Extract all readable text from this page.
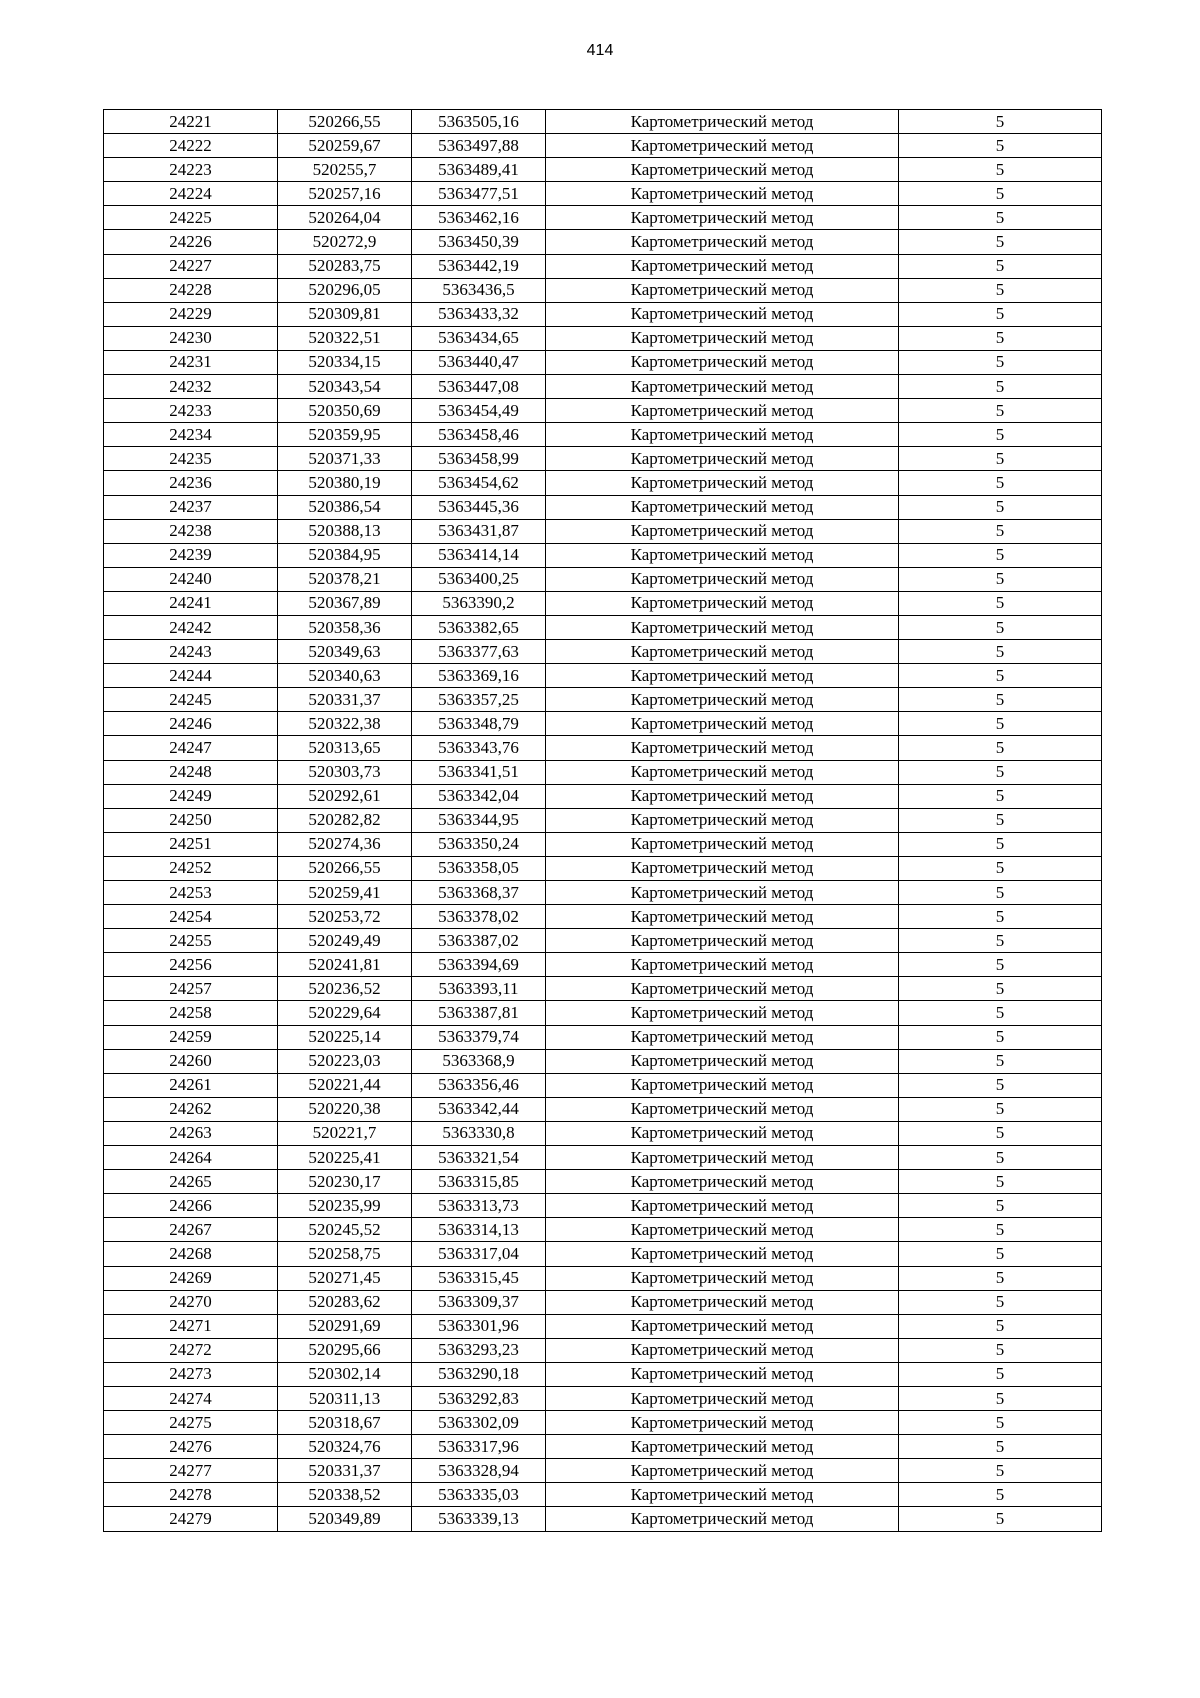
414
24221	520266,55	5363505,16	Картометрический метод	5
24222	520259,67	5363497,88	Картометрический метод	5
24223	520255,7	5363489,41	Картометрический метод	5
24224	520257,16	5363477,51	Картометрический метод	5
24225	520264,04	5363462,16	Картометрический метод	5
24226	520272,9	5363450,39	Картометрический метод	5
24227	520283,75	5363442,19	Картометрический метод	5
24228	520296,05	5363436,5	Картометрический метод	5
24229	520309,81	5363433,32	Картометрический метод	5
24230	520322,51	5363434,65	Картометрический метод	5
24231	520334,15	5363440,47	Картометрический метод	5
24232	520343,54	5363447,08	Картометрический метод	5
24233	520350,69	5363454,49	Картометрический метод	5
24234	520359,95	5363458,46	Картометрический метод	5
24235	520371,33	5363458,99	Картометрический метод	5
24236	520380,19	5363454,62	Картометрический метод	5
24237	520386,54	5363445,36	Картометрический метод	5
24238	520388,13	5363431,87	Картометрический метод	5
24239	520384,95	5363414,14	Картометрический метод	5
24240	520378,21	5363400,25	Картометрический метод	5
24241	520367,89	5363390,2	Картометрический метод	5
24242	520358,36	5363382,65	Картометрический метод	5
24243	520349,63	5363377,63	Картометрический метод	5
24244	520340,63	5363369,16	Картометрический метод	5
24245	520331,37	5363357,25	Картометрический метод	5
24246	520322,38	5363348,79	Картометрический метод	5
24247	520313,65	5363343,76	Картометрический метод	5
24248	520303,73	5363341,51	Картометрический метод	5
24249	520292,61	5363342,04	Картометрический метод	5
24250	520282,82	5363344,95	Картометрический метод	5
24251	520274,36	5363350,24	Картометрический метод	5
24252	520266,55	5363358,05	Картометрический метод	5
24253	520259,41	5363368,37	Картометрический метод	5
24254	520253,72	5363378,02	Картометрический метод	5
24255	520249,49	5363387,02	Картометрический метод	5
24256	520241,81	5363394,69	Картометрический метод	5
24257	520236,52	5363393,11	Картометрический метод	5
24258	520229,64	5363387,81	Картометрический метод	5
24259	520225,14	5363379,74	Картометрический метод	5
24260	520223,03	5363368,9	Картометрический метод	5
24261	520221,44	5363356,46	Картометрический метод	5
24262	520220,38	5363342,44	Картометрический метод	5
24263	520221,7	5363330,8	Картометрический метод	5
24264	520225,41	5363321,54	Картометрический метод	5
24265	520230,17	5363315,85	Картометрический метод	5
24266	520235,99	5363313,73	Картометрический метод	5
24267	520245,52	5363314,13	Картометрический метод	5
24268	520258,75	5363317,04	Картометрический метод	5
24269	520271,45	5363315,45	Картометрический метод	5
24270	520283,62	5363309,37	Картометрический метод	5
24271	520291,69	5363301,96	Картометрический метод	5
24272	520295,66	5363293,23	Картометрический метод	5
24273	520302,14	5363290,18	Картометрический метод	5
24274	520311,13	5363292,83	Картометрический метод	5
24275	520318,67	5363302,09	Картометрический метод	5
24276	520324,76	5363317,96	Картометрический метод	5
24277	520331,37	5363328,94	Картометрический метод	5
24278	520338,52	5363335,03	Картометрический метод	5
24279	520349,89	5363339,13	Картометрический метод	5
